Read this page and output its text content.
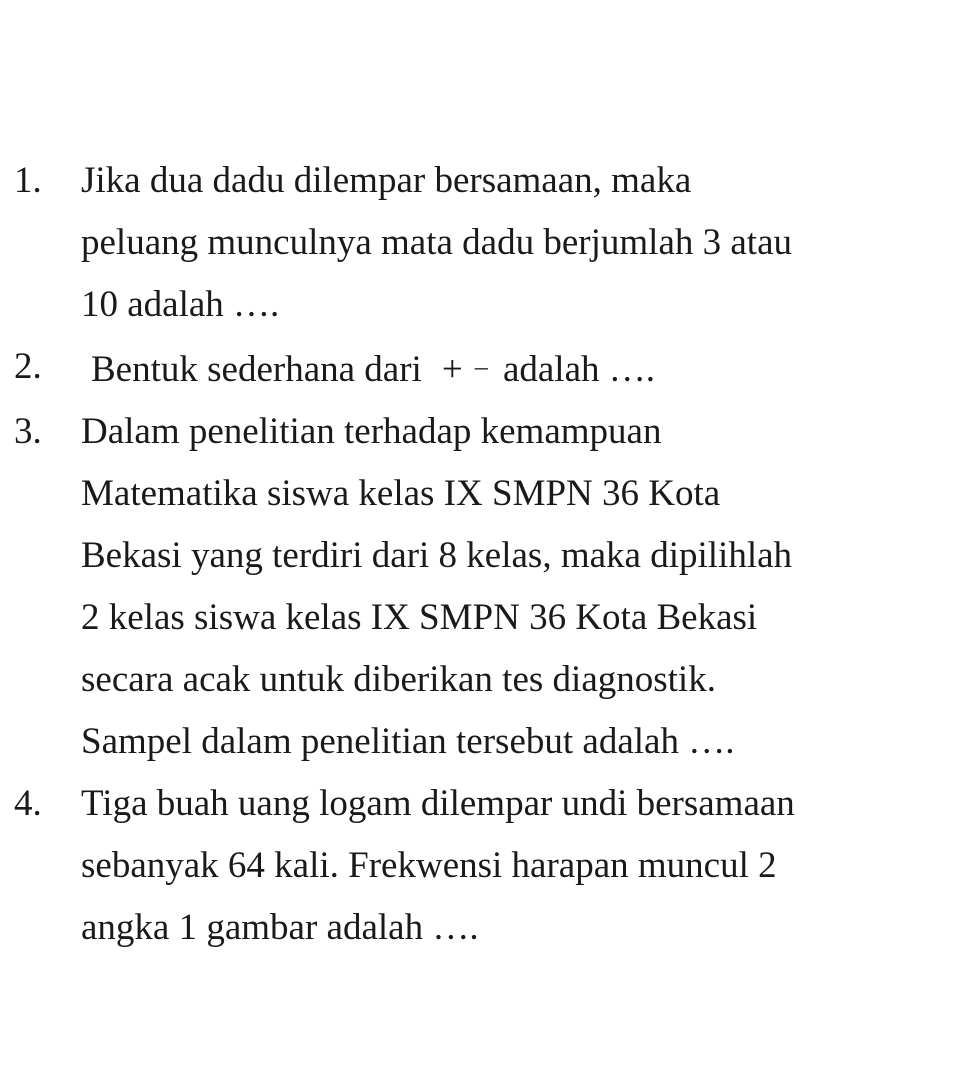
1. Jika dua dadu dilempar bersamaan, maka
peluang munculnya mata dadu berjumlah 3 atau
10 adalah ….
2. Bentuk sederhana dari + – adalah ….
3. Dalam penelitian terhadap kemampuan
Matematika siswa kelas IX SMPN 36 Kota
Bekasi yang terdiri dari 8 kelas, maka dipilihlah
2 kelas siswa kelas IX SMPN 36 Kota Bekasi
secara acak untuk diberikan tes diagnostik.
Sampel dalam penelitian tersebut adalah ….
4. Tiga buah uang logam dilempar undi bersamaan
sebanyak 64 kali. Frekwensi harapan muncul 2
angka 1 gambar adalah ….
